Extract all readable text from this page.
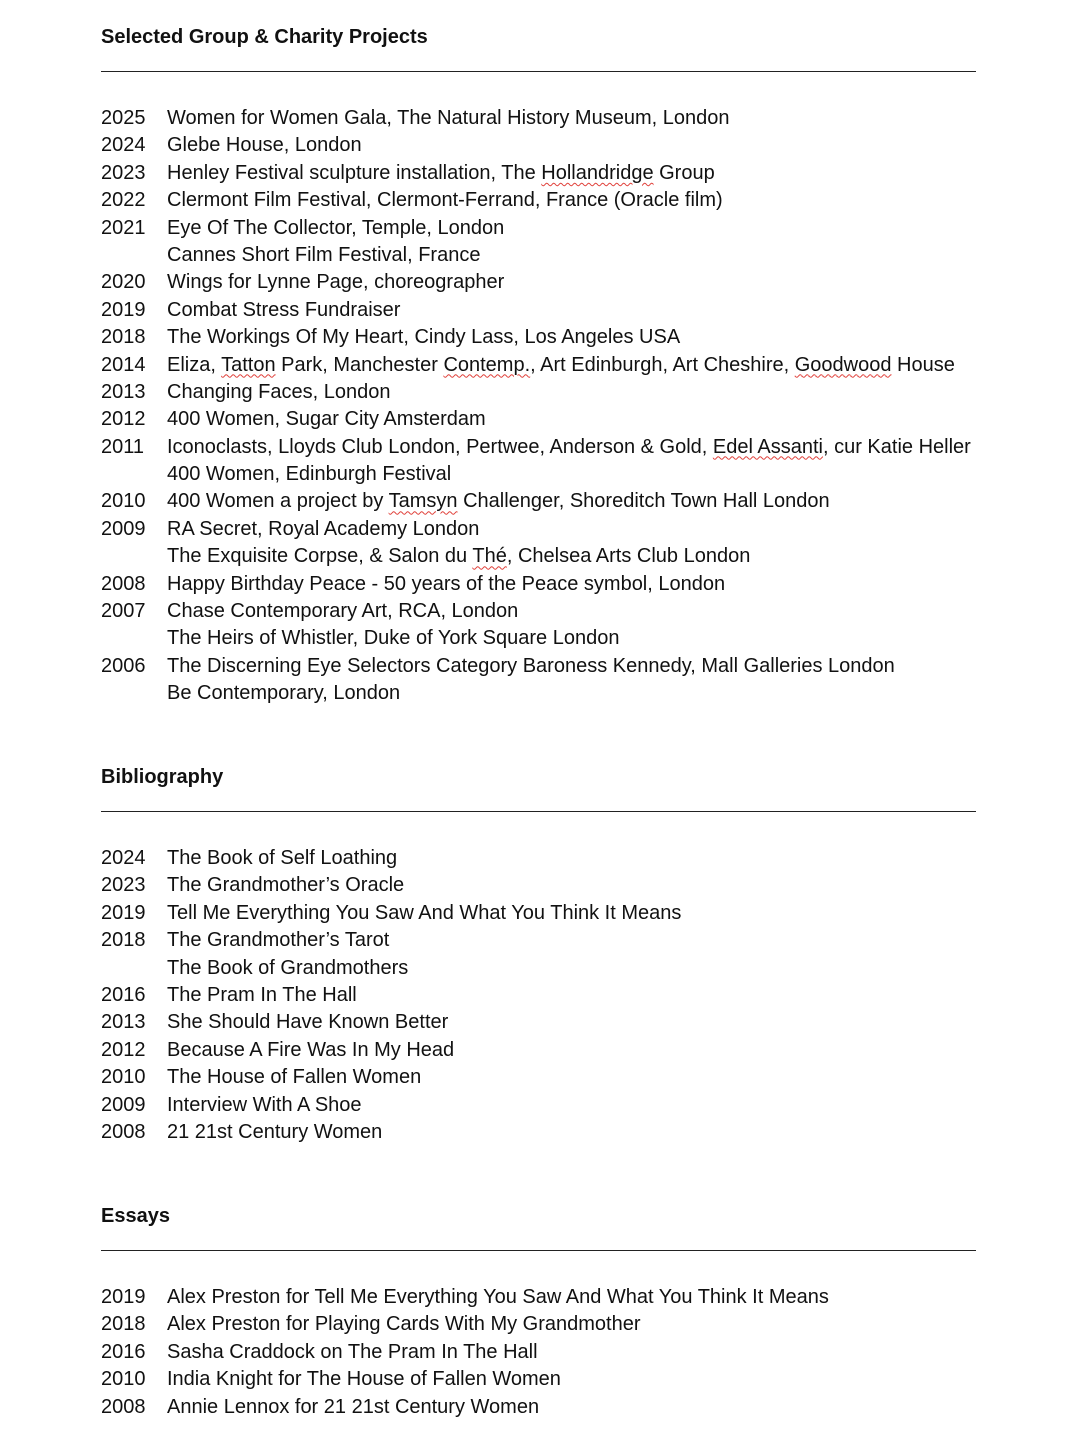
Selected Group & Charity Projects
2025	Women for Women Gala, The Natural History Museum, London
2024	Glebe House, London
2023	Henley Festival sculpture installation, The Hollandridge Group
2022	Clermont Film Festival, Clermont-Ferrand, France (Oracle film)
2021	Eye Of The Collector, Temple, London
Cannes Short Film Festival, France
2020	Wings for Lynne Page, choreographer
2019	Combat Stress Fundraiser
2018	The Workings Of My Heart, Cindy Lass, Los Angeles USA
2014	Eliza, Tatton Park, Manchester Contemp., Art Edinburgh, Art Cheshire, Goodwood House
2013	Changing Faces, London
2012	400 Women, Sugar City Amsterdam
2011	Iconoclasts, Lloyds Club London, Pertwee, Anderson & Gold, Edel Assanti, cur Katie Heller
400 Women, Edinburgh Festival
2010	400 Women a project by Tamsyn Challenger, Shoreditch Town Hall London
2009	RA Secret, Royal Academy London
The Exquisite Corpse, & Salon du Thé, Chelsea Arts Club London
2008	Happy Birthday Peace - 50 years of the Peace symbol, London
2007	Chase Contemporary Art, RCA, London
The Heirs of Whistler, Duke of York Square London
2006	The Discerning Eye Selectors Category Baroness Kennedy, Mall Galleries London
Be Contemporary, London
Bibliography
2024	The Book of Self Loathing
2023	The Grandmother’s Oracle
2019	Tell Me Everything You Saw And What You Think It Means
2018	The Grandmother’s Tarot
The Book of Grandmothers
2016	The Pram In The Hall
2013	She Should Have Known Better
2012	Because A Fire Was In My Head
2010	The House of Fallen Women
2009	Interview With A Shoe
2008	21 21st Century Women
Essays
2019	Alex Preston for Tell Me Everything You Saw And What You Think It Means
2018	Alex Preston for Playing Cards With My Grandmother
2016	Sasha Craddock on The Pram In The Hall
2010	India Knight for The House of Fallen Women
2008	Annie Lennox for 21 21st Century Women
